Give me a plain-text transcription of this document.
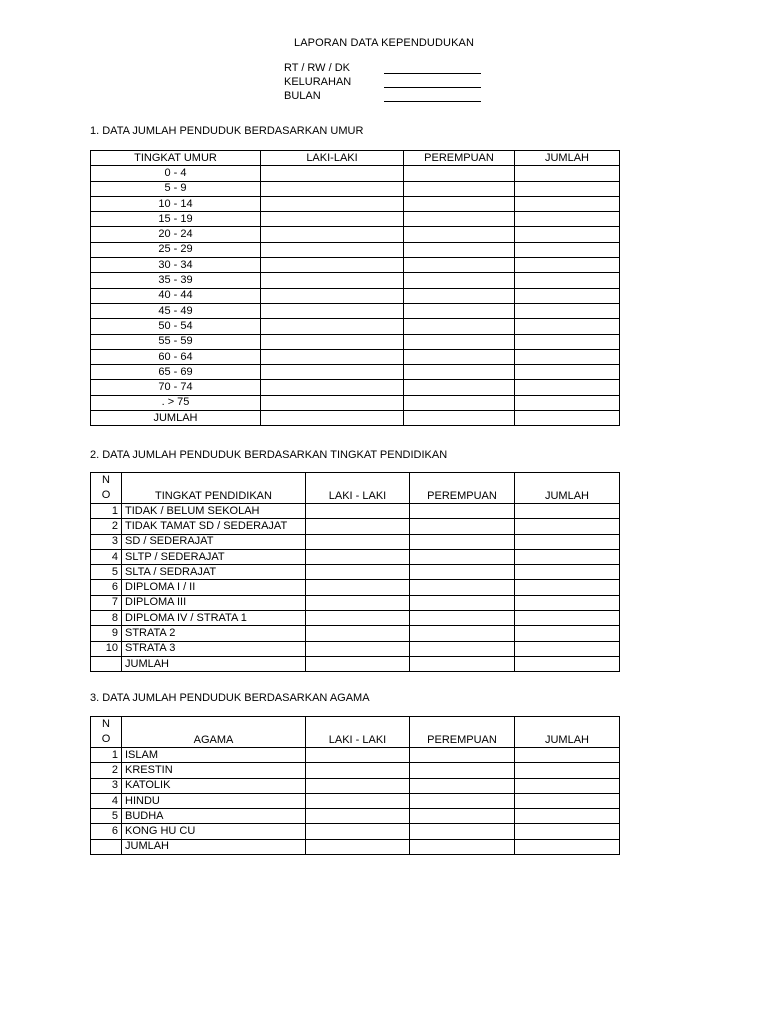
LAPORAN DATA KEPENDUDUKAN
RT / RW / DK
KELURAHAN
BULAN
1. DATA JUMLAH PENDUDUK BERDASARKAN UMUR
TINGKAT UMUR	LAKI-LAKI	PEREMPUAN	JUMLAH
0 - 4			
5 - 9			
10 - 14			
15 - 19			
20 - 24			
25 - 29			
30 - 34			
35 - 39			
40 - 44			
45 - 49			
50 - 54			
55 - 59			
60 - 64			
65 - 69			
70 - 74			
. > 75			
JUMLAH			
2. DATA JUMLAH PENDUDUK BERDASARKAN TINGKAT PENDIDIKAN
N
O	TINGKAT PENDIDIKAN	LAKI - LAKI	PEREMPUAN	JUMLAH
1	TIDAK / BELUM SEKOLAH			
2	TIDAK TAMAT SD / SEDERAJAT			
3	SD / SEDERAJAT			
4	SLTP / SEDERAJAT			
5	SLTA / SEDRAJAT			
6	DIPLOMA I / II			
7	DIPLOMA III			
8	DIPLOMA IV / STRATA 1			
9	STRATA 2			
10	STRATA 3			
	JUMLAH			
3. DATA JUMLAH PENDUDUK BERDASARKAN AGAMA
N
O	AGAMA	LAKI - LAKI	PEREMPUAN	JUMLAH
1	ISLAM			
2	KRESTIN			
3	KATOLIK			
4	HINDU			
5	BUDHA			
6	KONG HU CU			
	JUMLAH			
